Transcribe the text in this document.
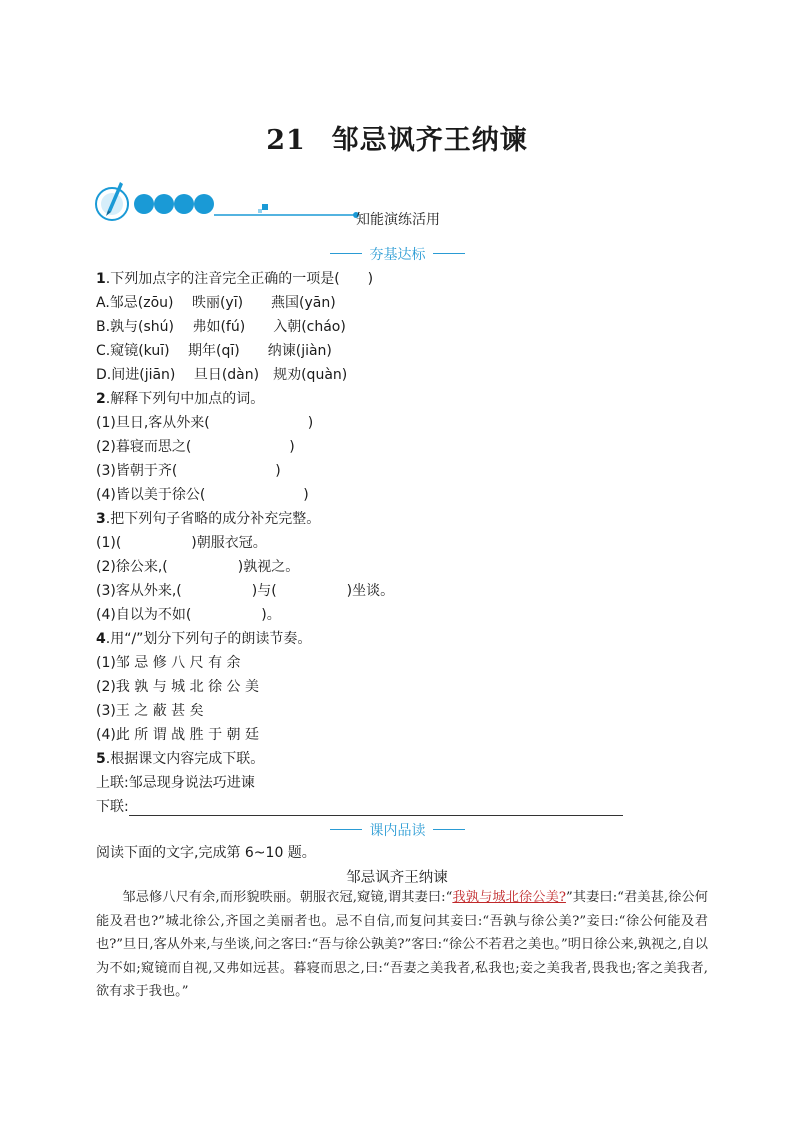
21 邹忌讽齐王纳谏
知能演练活用
夯基达标
1.下列加点字的注音完全正确的一项是(　　)
A.邹忌(zōu)　 昳丽(yī)　　燕国(yān)
B.孰与(shú)　 弗如(fú)　　入朝(cháo)
C.窥镜(kuī)　 期年(qī)　　纳谏(jiàn)
D.间进(jiān)　 旦日(dàn)　规劝(quàn)
2.解释下列句中加点的词。
(1)旦日,客从外来(　　　　　　　)
(2)暮寝而思之(　　　　　　　)
(3)皆朝于齐(　　　　　　　)
(4)皆以美于徐公(　　　　　　　)
3.把下列句子省略的成分补充完整。
(1)(　　　　　)朝服衣冠。
(2)徐公来,(　　　　　)孰视之。
(3)客从外来,(　　　　　)与(　　　　　)坐谈。
(4)自以为不如(　　　　　)。
4.用“/”划分下列句子的朗读节奏。
(1)邹 忌 修 八 尺 有 余
(2)我 孰 与 城 北 徐 公 美
(3)王 之 蔽 甚 矣
(4)此 所 谓 战 胜 于 朝 廷
5.根据课文内容完成下联。
上联:邹忌现身说法巧进谏
下联:
课内品读
阅读下面的文字,完成第 6~10 题。
邹忌讽齐王纳谏
邹忌修八尺有余,而形貌昳丽。朝服衣冠,窥镜,谓其妻曰:“我孰与城北徐公美?”其妻曰:“君美甚,徐公何能及君也?”城北徐公,齐国之美丽者也。忌不自信,而复问其妾曰:“吾孰与徐公美?”妾曰:“徐公何能及君也?”旦日,客从外来,与坐谈,问之客曰:“吾与徐公孰美?”客曰:“徐公不若君之美也。”明日徐公来,孰视之,自以为不如;窥镜而自视,又弗如远甚。暮寝而思之,曰:“吾妻之美我者,私我也;妾之美我者,畏我也;客之美我者,欲有求于我也。”
